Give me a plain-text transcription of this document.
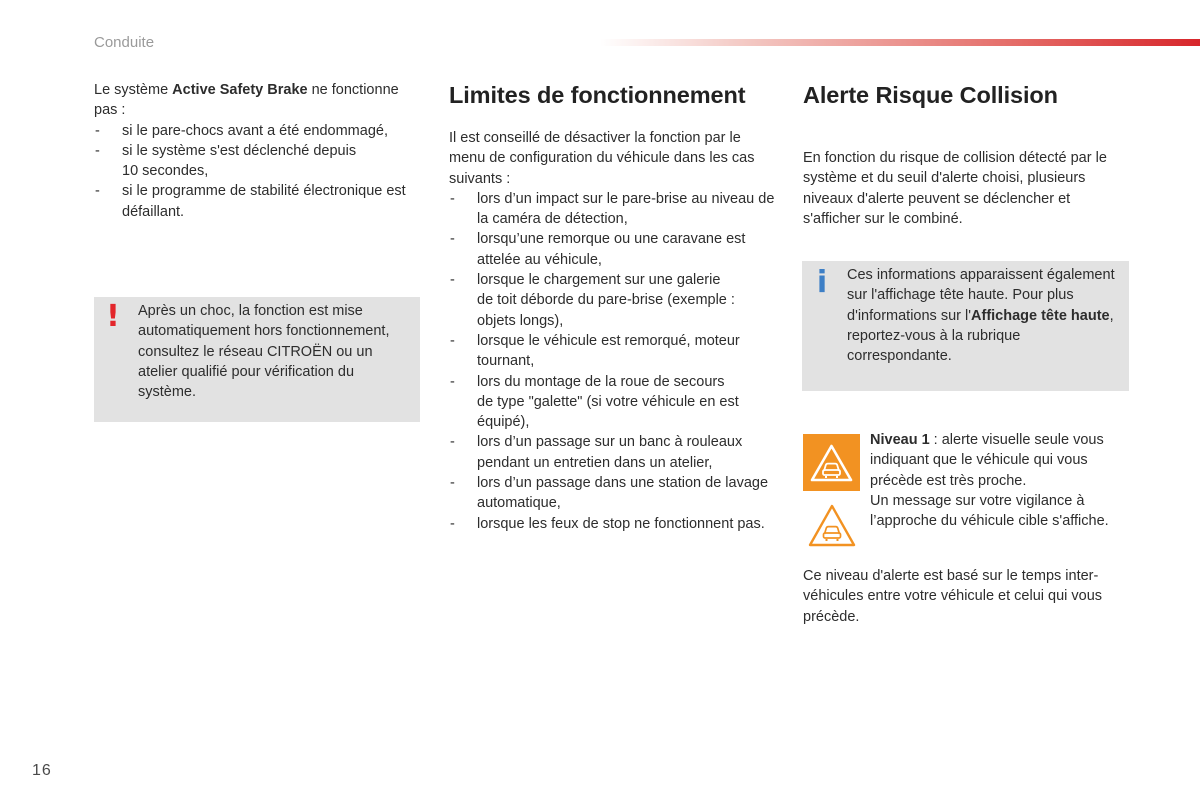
Conduite

Le système Active Safety Brake ne fonctionne pas :

- si le pare-chocs avant a été endommagé,
- si le système s'est déclenché depuis
10 secondes,
- si le programme de stabilité électronique est défaillant.
! Après un choc, la fonction est mise automatiquement hors fonctionnement, consultez le réseau CITROËN ou un atelier qualifié pour vérification du système.

Limites de fonctionnement

Il est conseillé de désactiver la fonction par le menu de configuration du véhicule dans les cas suivants :

- lors d’un impact sur le pare-brise au niveau de la caméra de détection,
- lorsqu’une remorque ou une caravane est attelée au véhicule,
- lorsque le chargement sur une galerie
de toit déborde du pare-brise (exemple :
objets longs),
- lorsque le véhicule est remorqué, moteur tournant,
- lors du montage de la roue de secours
de type "galette" (si votre véhicule en est
équipé),
- lors d’un passage sur un banc à rouleaux pendant un entretien dans un atelier,
- lors d’un passage dans une station de lavage automatique,
- lorsque les feux de stop ne fonctionnent pas.
Alerte Risque Collision

En fonction du risque de collision détecté par le système et du seuil d'alerte choisi, plusieurs niveaux d'alerte peuvent se déclencher et s'afficher sur le combiné.

i Ces informations apparaissent également sur l'affichage tête haute. Pour plus d'informations sur l'Affichage tête haute, reportez-vous à la rubrique correspondante.

Niveau 1 : alerte visuelle seule vous indiquant que le véhicule qui vous précède est très proche.

Un message sur votre vigilance à l’approche du véhicule cible s'affiche.

Ce niveau d'alerte est basé sur le temps inter-
véhicules entre votre véhicule et celui qui vous
précède.
16
